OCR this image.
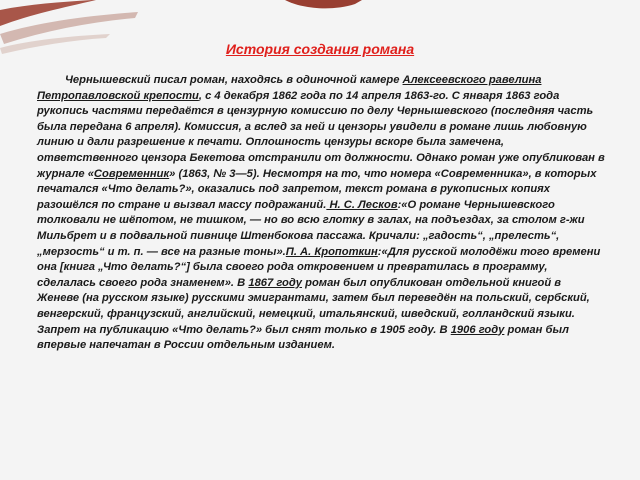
История создания романа
Чернышевский писал роман, находясь в одиночной камере Алексеевского равелина Петропавловской крепости, с 4 декабря 1862 года по 14 апреля 1863-го. С января 1863 года рукопись частями передаётся в цензурную комиссию по делу Чернышевского (последняя часть была передана 6 апреля). Комиссия, а вслед за ней и цензоры увидели в романе лишь любовную линию и дали разрешение к печати. Оплошность цензуры вскоре была замечена, ответственного цензора Бекетова отстранили от должности. Однако роман уже опубликован в журнале «Современник» (1863, № 3—5). Несмотря на то, что номера «Современника», в которых печатался «Что делать?», оказались под запретом, текст романа в рукописных копиях разошёлся по стране и вызвал массу подражаний. Н. С. Лесков:«О романе Чернышевского толковали не шёпотом, не тишком, — но во всю глотку в залах, на подъездах, за столом г-жи Мильбрет и в подвальной пивнице Штенбокова пассажа. Кричали: „гадость“, „прелесть“, „мерзость“ и т. п. — все на разные тоны».П. А. Кропоткин:«Для русской молодёжи того времени она [книга „Что делать?“] была своего рода откровением и превратилась в программу, сделалась своего рода знаменем». В 1867 году роман был опубликован отдельной книгой в Женеве (на русском языке) русскими эмигрантами, затем был переведён на польский, сербский, венгерский, французский, английский, немецкий, итальянский, шведский, голландский языки. Запрет на публикацию «Что делать?» был снят только в 1905 году. В 1906 году роман был впервые напечатан в России отдельным изданием.
